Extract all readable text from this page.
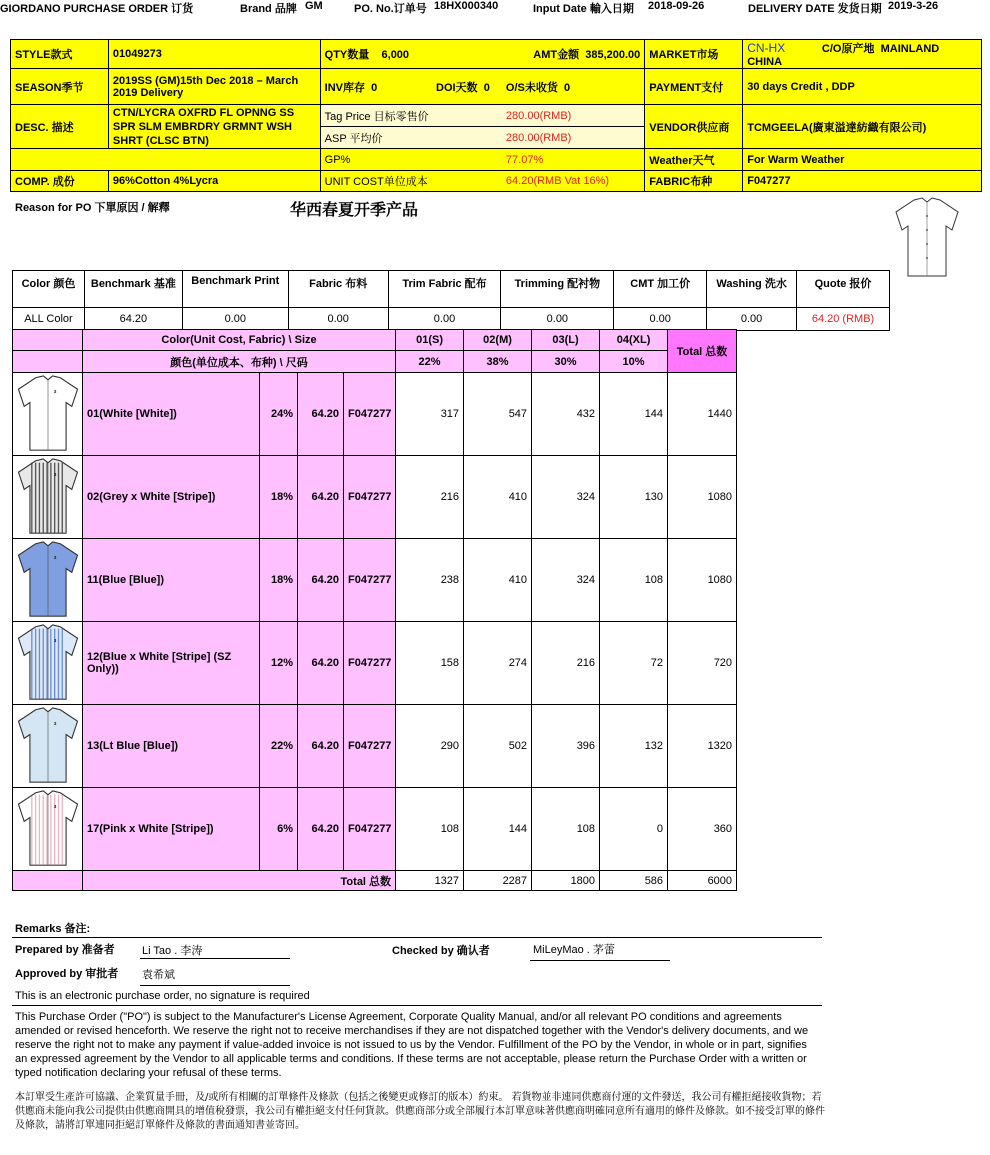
GIORDANO PURCHASE ORDER 订货	Brand 品牌 GM	PO. No.订单号 18HX000340	Input Date 輸入日期 2018-09-26	DELIVERY DATE 发货日期 2019-3-26
STYLE款式	01049273	QTY数量 6,000		AMT金额 385,200.00	MARKET市场	CN-HX C/O原产地 MAINLAND CHINA
SEASON季节	2019SS (GM)15th Dec 2018 – March 2019 Delivery	INV库存 0	DOI天数 0	O/S未收货 0	PAYMENT支付	30 days Credit , DDP
DESC. 描述	CTN/LYCRA OXFRD FL OPNNG SS SPR SLM EMBRDRY GRMNT WSH SHRT (CLSC BTN)	Tag Price 目标零售价		280.00(RMB)	VENDOR供应商	TCMGEELA(廣東溢達紡織有限公司)
		ASP 平均价		280.00(RMB)		
		GP%		77.07%	Weather天气	For Warm Weather
COMP. 成份	96%Cotton 4%Lycra	UNIT COST单位成本		64.20(RMB Vat 16%)	FABRIC布种	F047277
Reason for PO 下單原因 / 解釋	华西春夏开季产品
Color 颜色	Benchmark 基准	Benchmark Print	Fabric 布料	Trim Fabric 配布	Trimming 配衬物	CMT 加工价	Washing 洗水	Quote 报价
ALL Color	64.20	0.00	0.00	0.00	0.00	0.00	0.00	64.20 (RMB)
	Color(Unit Cost, Fabric) \ Size				01(S)	02(M)	03(L)	04(XL)	Total 总数
	颜色(单位成本、布种) \ 尺码				22%	38%	30%	10%	

3	01(White [White])	24%	64.20	F047277	317	547	432	144	1440

3	02(Grey x White [Stripe])	18%	64.20	F047277	216	410	324	130	1080

3	11(Blue [Blue])	18%	64.20	F047277	238	410	324	108	1080

3	12(Blue x White [Stripe] (SZ Only))	12%	64.20	F047277	158	274	216	72	720

3	13(Lt Blue [Blue])	22%	64.20	F047277	290	502	396	132	1320

3	17(Pink x White [Stripe])	6%	64.20	F047277	108	144	108	0	360
	Total 总数				1327	2287	1800	586	6000
Remarks 备注:
Prepared by 准备者 Li Tao . 李涛	Checked by 确认者	MiLeyMao . 茅蕾
Approved by 审批者 袁希斌
This is an electronic purchase order, no signature is required
This Purchase Order ("PO") is subject to the Manufacturer's License Agreement, Corporate Quality Manual, and/or all relevant PO conditions and agreements amended or revised henceforth. We reserve the right not to receive merchandises if they are not dispatched together with the Vendor's delivery documents, and we reserve the right not to make any payment if value-added invoice is not issued to us by the Vendor. Fulfillment of the PO by the Vendor, in whole or in part, signifies an expressed agreement by the Vendor to all applicable terms and conditions. If these terms are not acceptable, please return the Purchase Order with a written or typed notification declaring your refusal of these terms.
本訂單受生產許可協議、企業質量手冊，及/或所有相關的訂單條件及條款（包括之後變更或修訂的版本）約束。 若貨物並非連同供應商付運的文件發送，我公司有權拒絕接收貨物；若供應商未能向我公司提供由供應商開具的增值稅發票，我公司有權拒絕支付任何貨款。供應商部分或全部履行本訂單意味著供應商明確同意所有適用的條件及條款。如不接受訂單的條件及條款，請將訂單連同拒絕訂單條件及條款的書面通知書並寄回。
